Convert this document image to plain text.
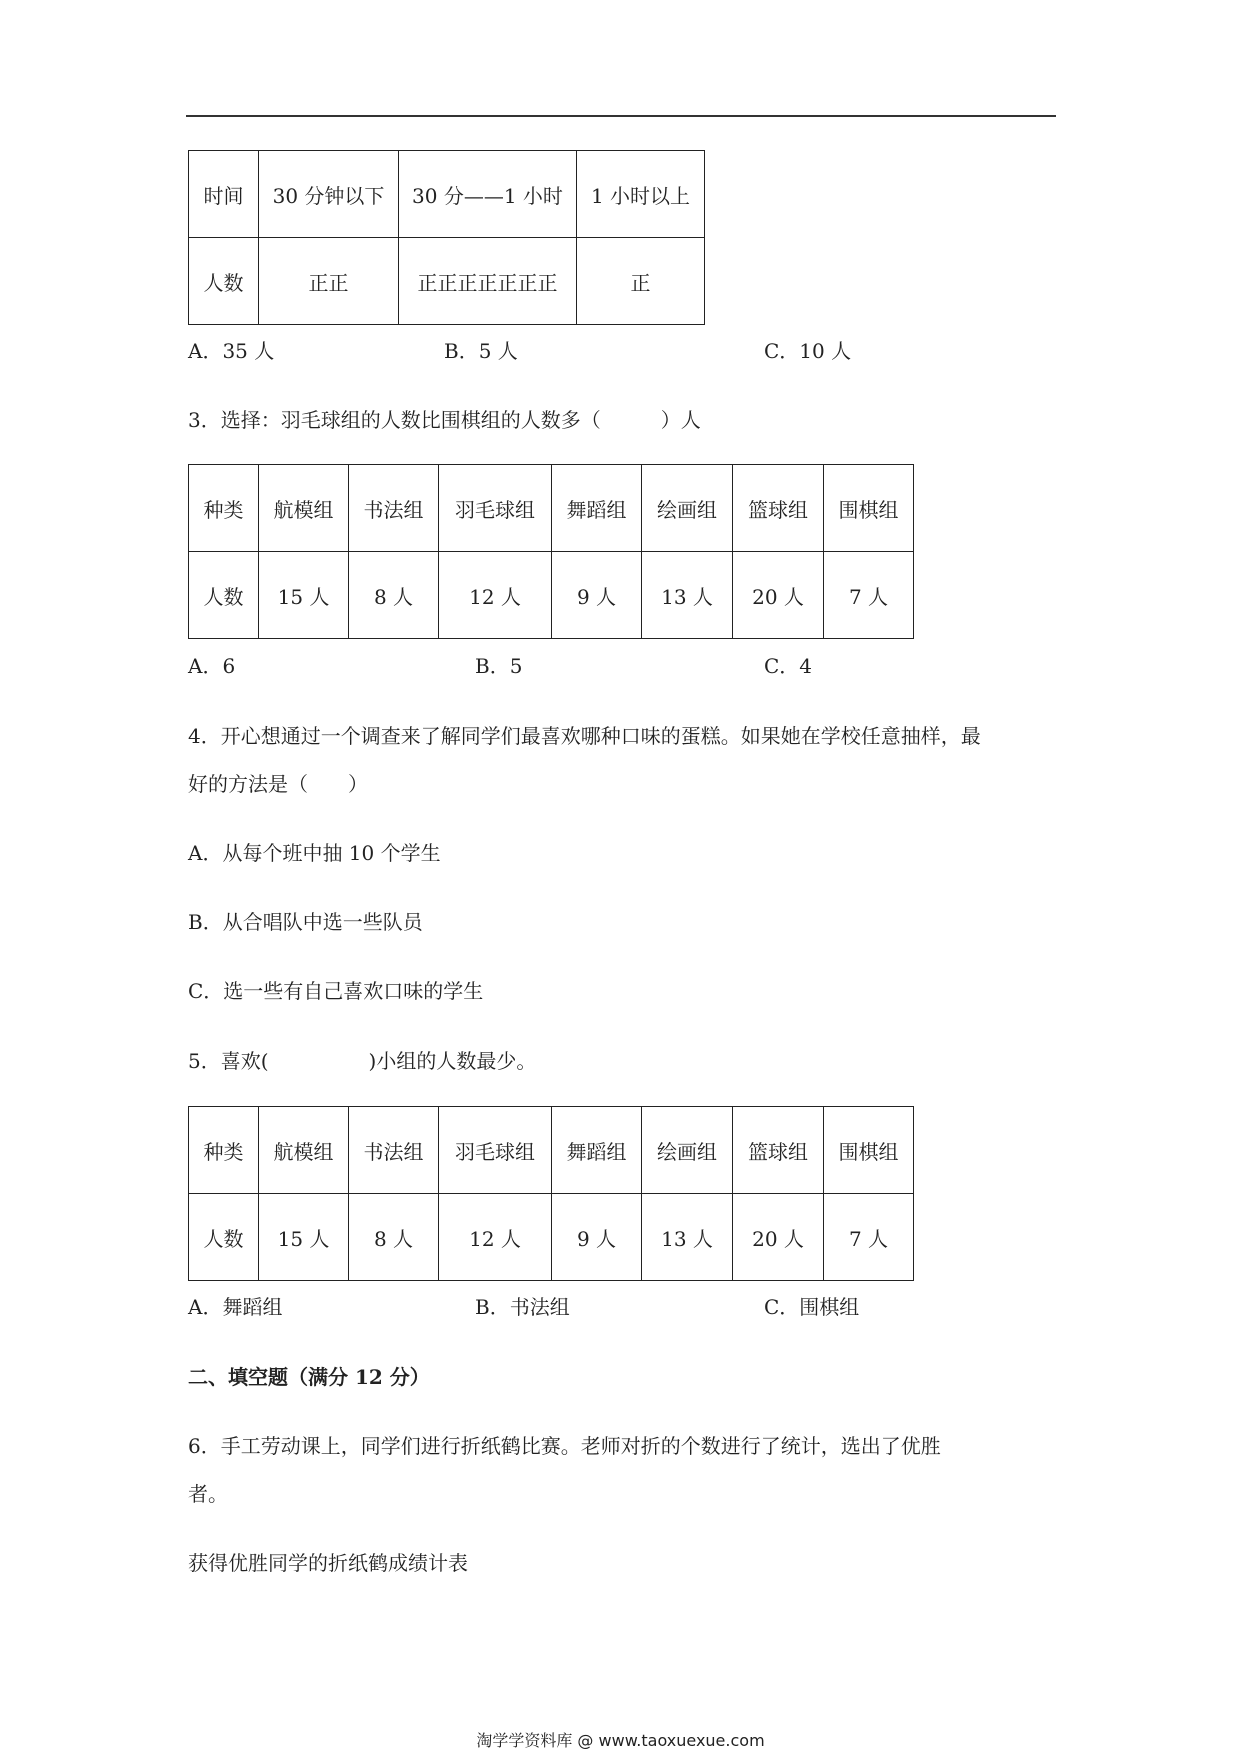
时间	30 分钟以下	30 分——1 小时	1 小时以上
人数	正正	正正正正正正正	正
A．35 人	B．5 人	C．10 人
3．选择：羽毛球组的人数比围棋组的人数多（　　　）人
种类	航模组	书法组	羽毛球组	舞蹈组	绘画组	篮球组	围棋组
人数	15 人	8 人	12 人	9 人	13 人	20 人	7 人
A．6	B．5	C．4
4．开心想通过一个调查来了解同学们最喜欢哪种口味的蛋糕。如果她在学校任意抽样，最
好的方法是（　　）
A．从每个班中抽 10 个学生
B．从合唱队中选一些队员
C．选一些有自己喜欢口味的学生
5．喜欢(　　　　　)小组的人数最少。
种类	航模组	书法组	羽毛球组	舞蹈组	绘画组	篮球组	围棋组
人数	15 人	8 人	12 人	9 人	13 人	20 人	7 人
A．舞蹈组	B．书法组	C．围棋组
二、填空题（满分 12 分）
6．手工劳动课上，同学们进行折纸鹤比赛。老师对折的个数进行了统计，选出了优胜
者。
获得优胜同学的折纸鹤成绩计表
淘学学资料库 @ www.taoxuexue.com
